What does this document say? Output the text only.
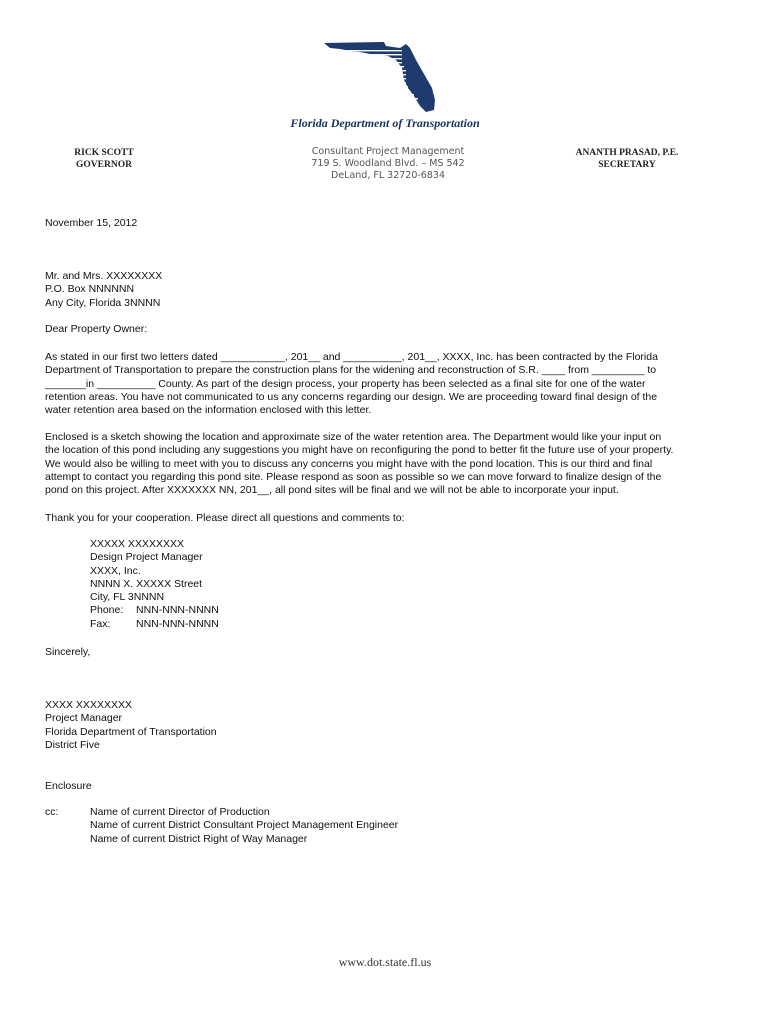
Florida Department of Transportation
RICK SCOTT
GOVERNOR
Consultant Project Management
719 S. Woodland Blvd. – MS 542
DeLand, FL 32720-6834
ANANTH PRASAD, P.E.
SECRETARY
November 15, 2012
Mr. and Mrs. XXXXXXXX
P.O. Box NNNNNN
Any City, Florida 3NNNN
Dear Property Owner:
As stated in our first two letters dated ___________, 201__ and __________, 201__, XXXX, Inc. has been contracted by the Florida
Department of Transportation to prepare the construction plans for the widening and reconstruction of S.R. ____ from _________ to
_______in __________ County. As part of the design process, your property has been selected as a final site for one of the water
retention areas. You have not communicated to us any concerns regarding our design. We are proceeding toward final design of the
water retention area based on the information enclosed with this letter.
Enclosed is a sketch showing the location and approximate size of the water retention area. The Department would like your input on
the location of this pond including any suggestions you might have on reconfiguring the pond to better fit the future use of your property.
We would also be willing to meet with you to discuss any concerns you might have with the pond location. This is our third and final
attempt to contact you regarding this pond site. Please respond as soon as possible so we can move forward to finalize design of the
pond on this project. After XXXXXXX NN, 201__, all pond sites will be final and we will not be able to incorporate your input.
Thank you for your cooperation. Please direct all questions and comments to:
XXXXX XXXXXXXX
Design Project Manager
XXXX, Inc.
NNNN X. XXXXX Street
City, FL 3NNNN
Phone: NNN-NNN-NNNN
Fax: NNN-NNN-NNNN
Sincerely,
XXXX XXXXXXXX
Project Manager
Florida Department of Transportation
District Five
Enclosure
cc:	Name of current Director of Production
Name of current District Consultant Project Management Engineer
Name of current District Right of Way Manager
www.dot.state.fl.us
